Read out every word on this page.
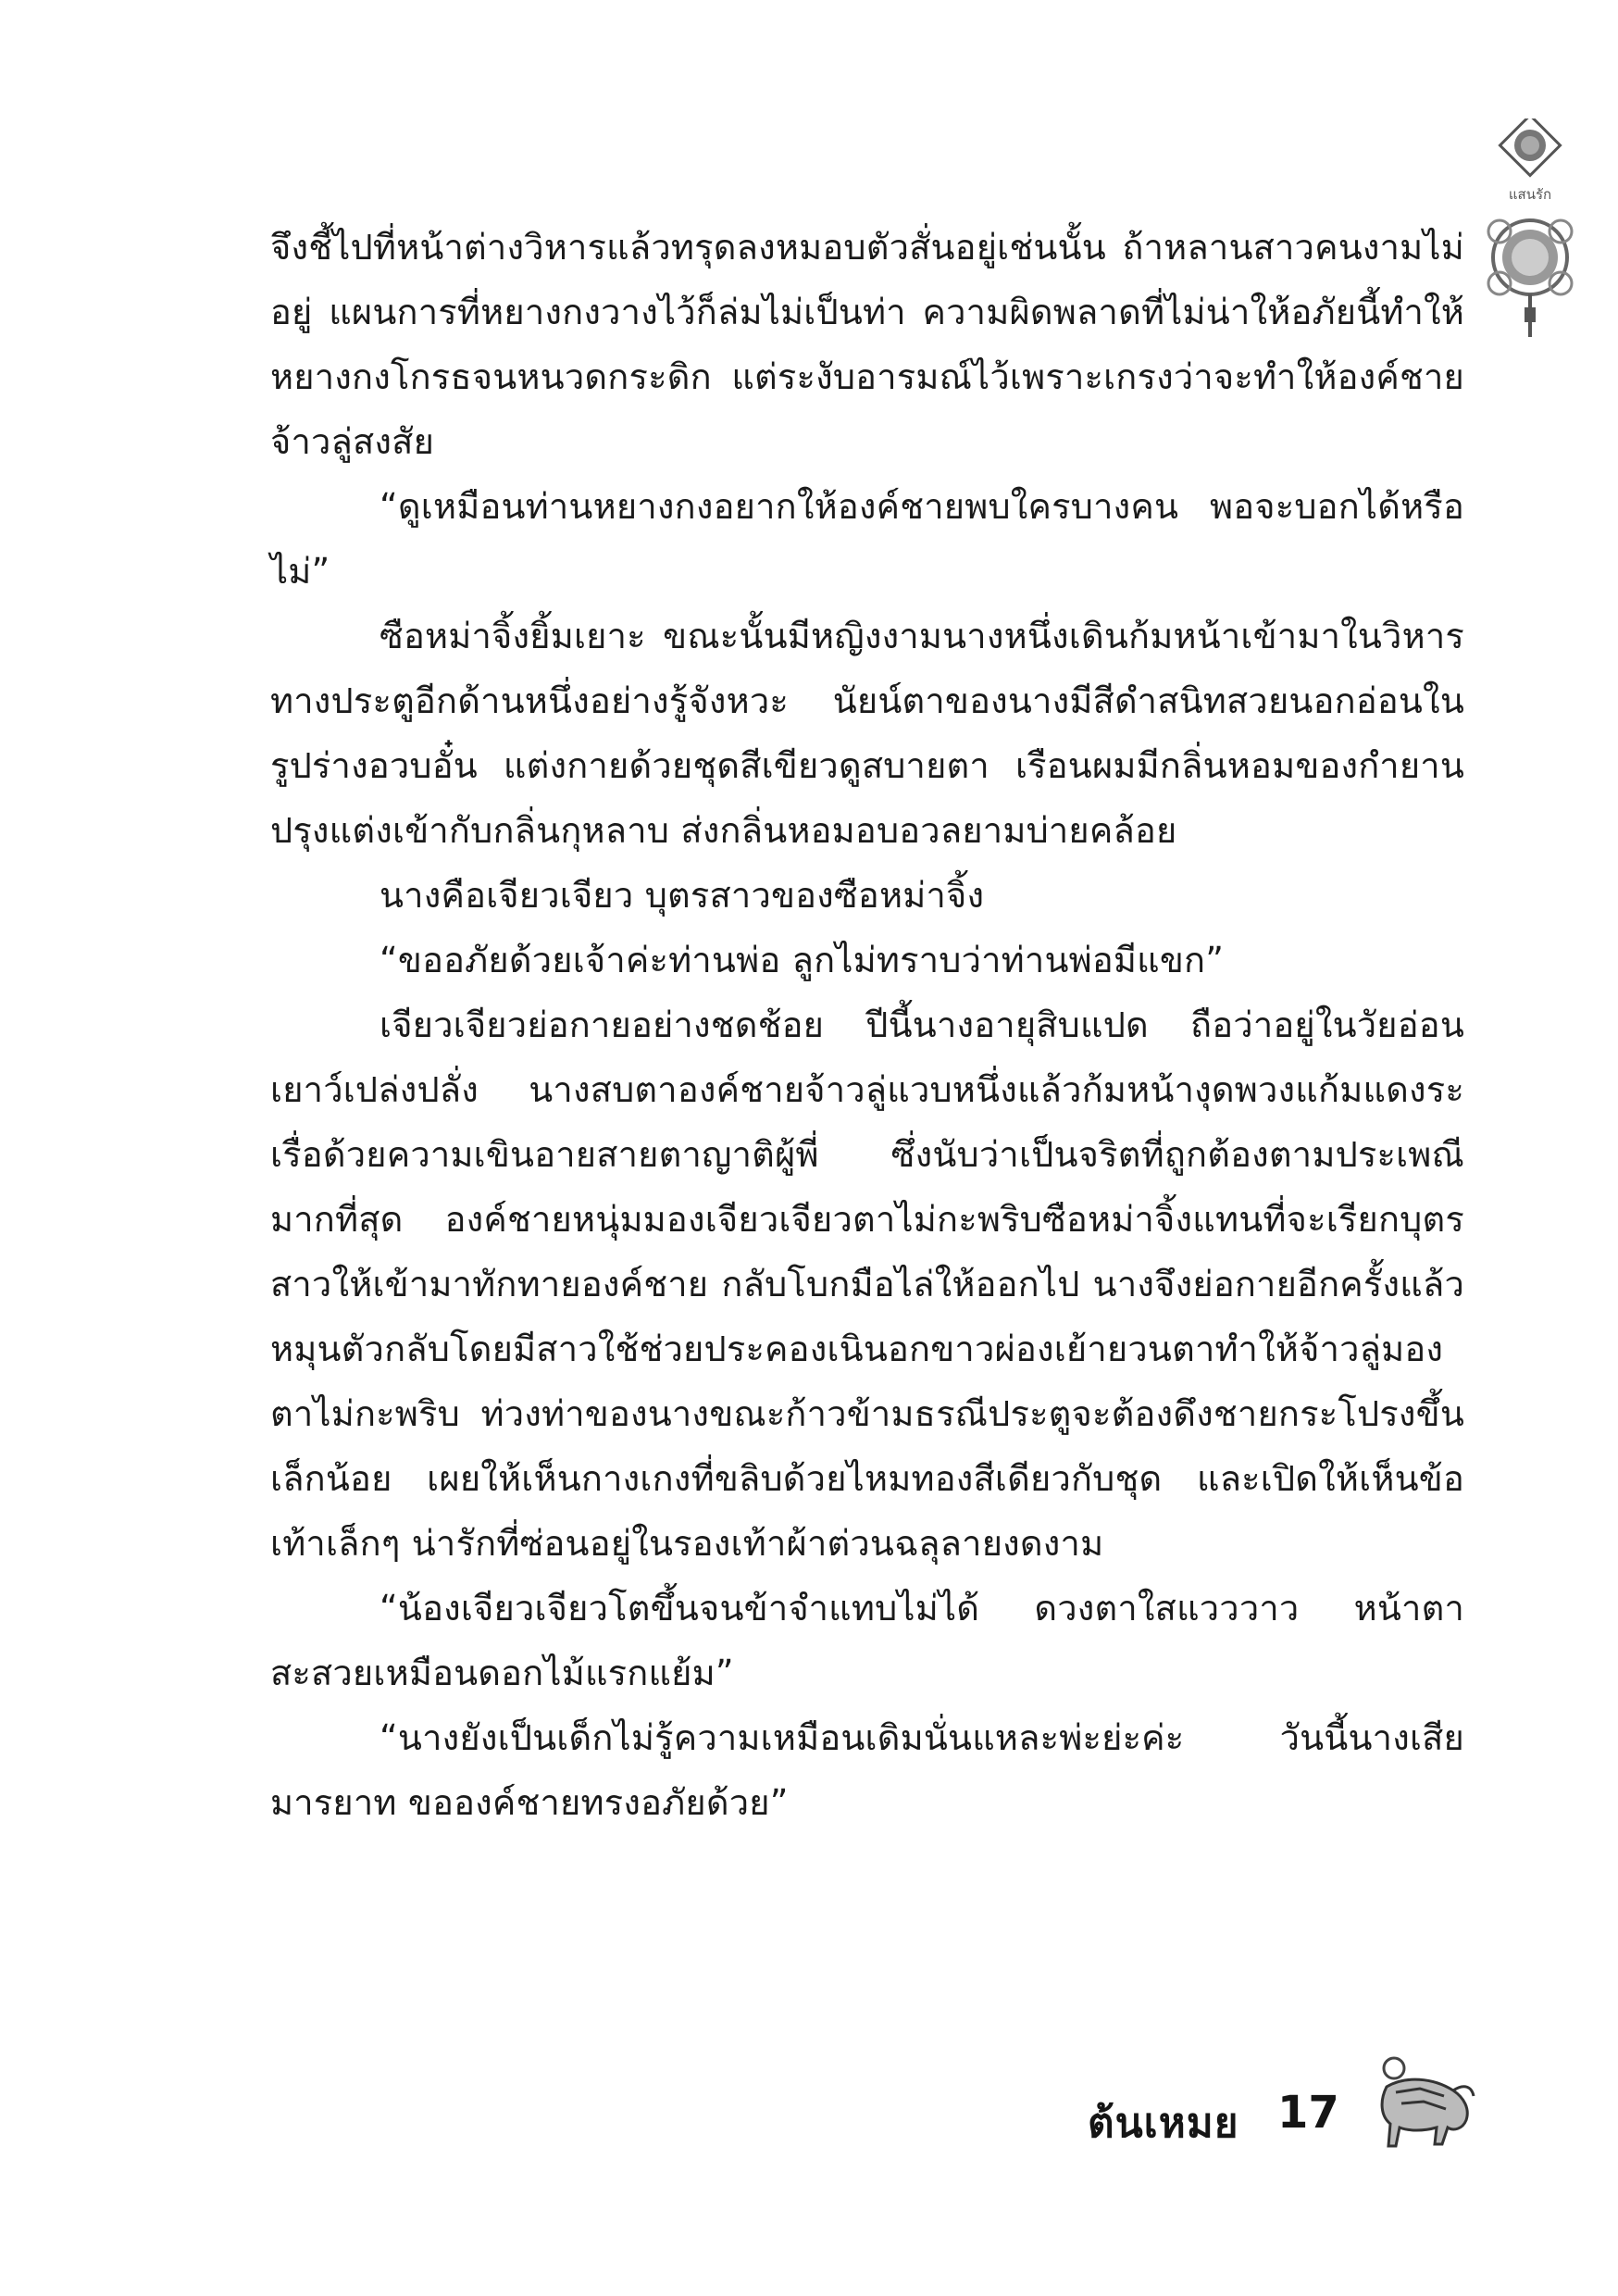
แสนรัก

จึงชี้ไปที่หน้าต่างวิหารแล้วทรุดลงหมอบตัวสั่นอยู่เช่นนั้น ถ้าหลานสาวคนงามไม่อยู่ แผนการที่หยางกงวางไว้ก็ล่มไม่เป็นท่า ความผิดพลาดที่ไม่น่าให้อภัยนี้ทำให้หยางกงโกรธจนหนวดกระดิก แต่ระงับอารมณ์ไว้เพราะเกรงว่าจะทำให้องค์ชายจ้าวลู่สงสัย

“ดูเหมือนท่านหยางกงอยากให้องค์ชายพบใครบางคน พอจะบอกได้หรือไม่”

ซือหม่าจิ้งยิ้มเยาะ ขณะนั้นมีหญิงงามนางหนึ่งเดินก้มหน้าเข้ามาในวิหารทางประตูอีกด้านหนึ่งอย่างรู้จังหวะ นัยน์ตาของนางมีสีดำสนิทสวยนอกอ่อนใน รูปร่างอวบอั๋น แต่งกายด้วยชุดสีเขียวดูสบายตา เรือนผมมีกลิ่นหอมของกำยานปรุงแต่งเข้ากับกลิ่นกุหลาบ ส่งกลิ่นหอมอบอวลยามบ่ายคล้อย

นางคือเจียวเจียว บุตรสาวของซือหม่าจิ้ง

“ขออภัยด้วยเจ้าค่ะท่านพ่อ ลูกไม่ทราบว่าท่านพ่อมีแขก”

เจียวเจียวย่อกายอย่างชดช้อย ปีนี้นางอายุสิบแปด ถือว่าอยู่ในวัยอ่อนเยาว์เปล่งปลั่ง นางสบตาองค์ชายจ้าวลู่แวบหนึ่งแล้วก้มหน้างุดพวงแก้มแดงระเรื่อด้วยความเขินอายสายตาญาติผู้พี่ ซึ่งนับว่าเป็นจริตที่ถูกต้องตามประเพณีมากที่สุด องค์ชายหนุ่มมองเจียวเจียวตาไม่กะพริบซือหม่าจิ้งแทนที่จะเรียกบุตรสาวให้เข้ามาทักทายองค์ชาย กลับโบกมือไล่ให้ออกไป นางจึงย่อกายอีกครั้งแล้วหมุนตัวกลับโดยมีสาวใช้ช่วยประคองเนินอกขาวผ่องเย้ายวนตาทำให้จ้าวลู่มองตาไม่กะพริบ ท่วงท่าของนางขณะก้าวข้ามธรณีประตูจะต้องดึงชายกระโปรงขึ้นเล็กน้อย เผยให้เห็นกางเกงที่ขลิบด้วยไหมทองสีเดียวกับชุด และเปิดให้เห็นข้อเท้าเล็กๆ น่ารักที่ซ่อนอยู่ในรองเท้าผ้าต่วนฉลุลายงดงาม

“น้องเจียวเจียวโตขึ้นจนข้าจำแทบไม่ได้ ดวงตาใสแวววาว หน้าตาสะสวยเหมือนดอกไม้แรกแย้ม”

“นางยังเป็นเด็กไม่รู้ความเหมือนเดิมนั่นแหละพ่ะย่ะค่ะ วันนี้นางเสียมารยาท ขอองค์ชายทรงอภัยด้วย”

ต้นเหมย 17
